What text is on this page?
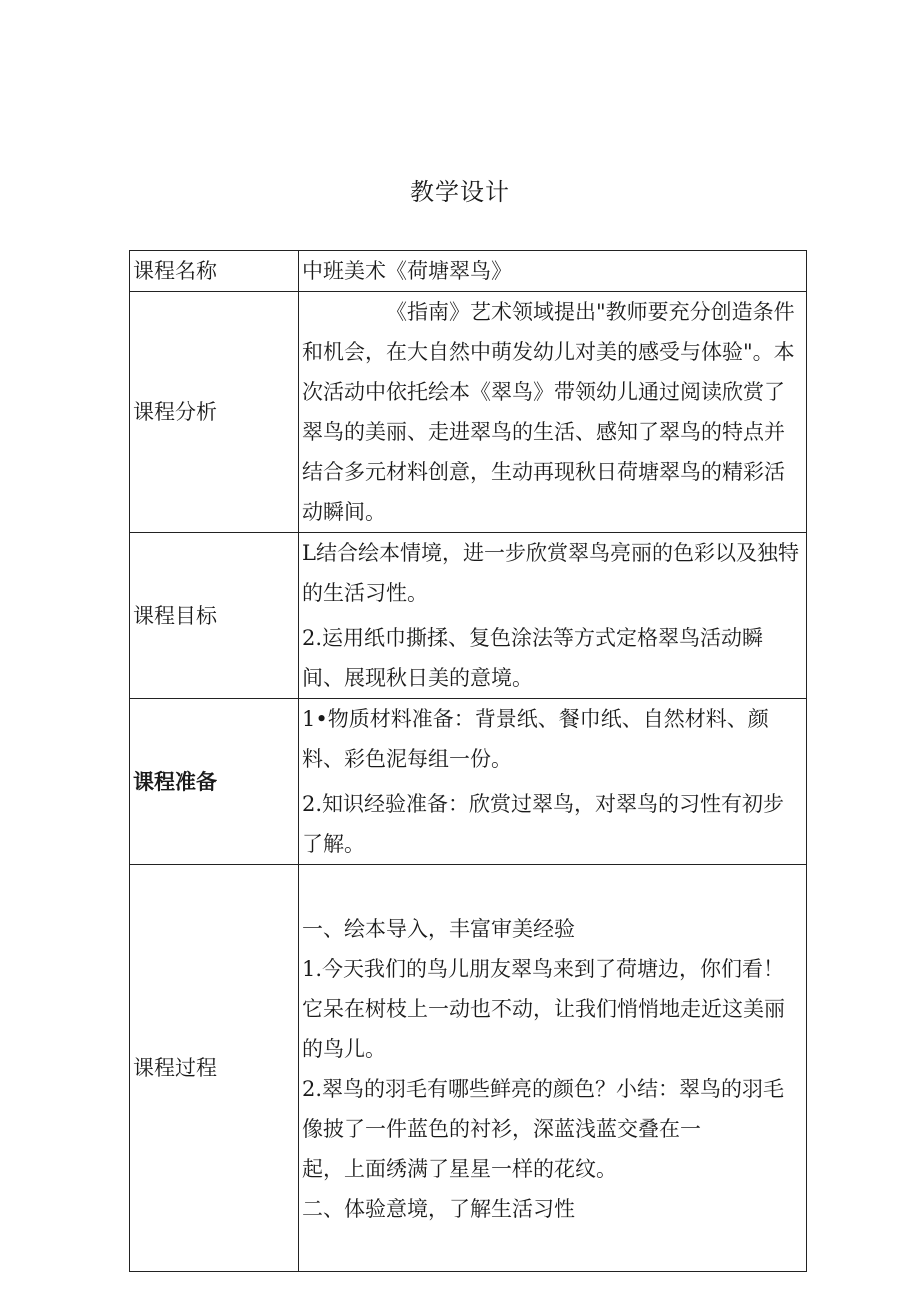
教学设计
课程名称	中班美术《荷塘翠鸟》

课程分析	《指南》艺术领域提出"教师要充分创造条件和机会，在大自然中萌发幼儿对美的感受与体验"。本次活动中依托绘本《翠鸟》带领幼儿通过阅读欣赏了翠鸟的美丽、走进翠鸟的生活、感知了翠鸟的特点并结合多元材料创意，生动再现秋日荷塘翠鸟的精彩活动瞬间。

课程目标	L结合绘本情境，进一步欣赏翠鸟亮丽的色彩以及独特的生活习性。

2.运用纸巾撕揉、复色涂法等方式定格翠鸟活动瞬间、展现秋日美的意境。

课程准备	1•物质材料准备：背景纸、餐巾纸、自然材料、颜料、彩色泥每组一份。

2.知识经验准备：欣赏过翠鸟，对翠鸟的习性有初步了解。

课程过程	一、绘本导入，丰富审美经验

1.今天我们的鸟儿朋友翠鸟来到了荷塘边，你们看！它呆在树枝上一动也不动，让我们悄悄地走近这美丽的鸟儿。

2.翠鸟的羽毛有哪些鲜亮的颜色？小结：翠鸟的羽毛像披了一件蓝色的衬衫，深蓝浅蓝交叠在一

起，上面绣满了星星一样的花纹。

二、体验意境，了解生活习性
